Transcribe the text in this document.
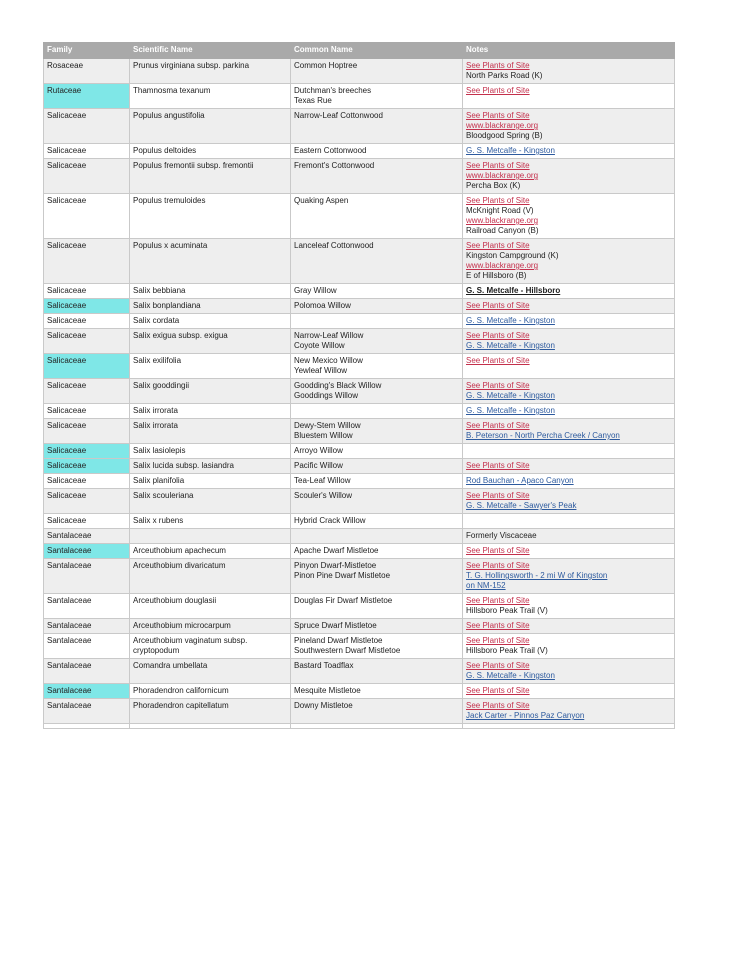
Family	Scientific Name	Common Name	Notes
Rosaceae	Prunus virginiana subsp. parkina	Common Hoptree	See Plants of Site
North Parks Road (K)

Rutaceae	Thamnosma texanum	Dutchman's breeches
Texas Rue	See Plants of Site

Salicaceae	Populus angustifolia	Narrow-Leaf Cottonwood	See Plants of Site
www.blackrange.org
Bloodgood Spring (B)

Salicaceae	Populus deltoides	Eastern Cottonwood	G. S. Metcalfe - Kingston

Salicaceae	Populus fremontii subsp. fremontii	Fremont's Cottonwood	See Plants of Site
www.blackrange.org
Percha Box (K)

Salicaceae	Populus tremuloides	Quaking Aspen	See Plants of Site
McKnight Road (V)
www.blackrange.org
Railroad Canyon (B)

Salicaceae	Populus x acuminata	Lanceleaf Cottonwood	See Plants of Site
Kingston Campground (K)
www.blackrange.org
E of Hillsboro (B)

Salicaceae	Salix bebbiana	Gray Willow	G. S. Metcalfe - Hillsboro

Salicaceae	Salix bonplandiana	Polomoa Willow	See Plants of Site

Salicaceae	Salix cordata		G. S. Metcalfe - Kingston

Salicaceae	Salix exigua subsp. exigua	Narrow-Leaf Willow
Coyote Willow	See Plants of Site
G. S. Metcalfe - Kingston

Salicaceae	Salix exilifolia	New Mexico Willow
Yewleaf Willow	See Plants of Site

Salicaceae	Salix gooddingii	Goodding's Black Willow
Gooddings Willow	See Plants of Site
G. S. Metcalfe - Kingston

Salicaceae	Salix irrorata		G. S. Metcalfe - Kingston

Salicaceae	Salix irrorata	Dewy-Stem Willow
Bluestem Willow	See Plants of Site
B. Peterson - North Percha Creek / Canyon

Salicaceae	Salix lasiolepis	Arroyo Willow	

Salicaceae	Salix lucida subsp. lasiandra	Pacific Willow	See Plants of Site

Salicaceae	Salix planifolia	Tea-Leaf Willow	Rod Bauchan - Apaco Canyon

Salicaceae	Salix scouleriana	Scouler's Willow	See Plants of Site
G. S. Metcalfe - Sawyer's Peak

Salicaceae	Salix x rubens	Hybrid Crack Willow	

Santalaceae			Formerly Viscaceae

Santalaceae	Arceuthobium apachecum	Apache Dwarf Mistletoe	See Plants of Site

Santalaceae	Arceuthobium divaricatum	Pinyon Dwarf-Mistletoe
Pinon Pine Dwarf Mistletoe	See Plants of Site
T. G. Hollingsworth - 2 mi W of Kingston
on NM-152

Santalaceae	Arceuthobium douglasii	Douglas Fir Dwarf Mistletoe	See Plants of Site
Hillsboro Peak Trail (V)

Santalaceae	Arceuthobium microcarpum	Spruce Dwarf Mistletoe	See Plants of Site

Santalaceae	Arceuthobium vaginatum subsp. cryptopodum	Pineland Dwarf Mistletoe
Southwestern Dwarf Mistletoe	See Plants of Site
Hillsboro Peak Trail (V)

Santalaceae	Comandra umbellata	Bastard Toadflax	See Plants of Site
G. S. Metcalfe - Kingston

Santalaceae	Phoradendron californicum	Mesquite Mistletoe	See Plants of Site

Santalaceae	Phoradendron capitellatum	Downy Mistletoe	See Plants of Site
Jack Carter - Pinnos Paz Canyon
